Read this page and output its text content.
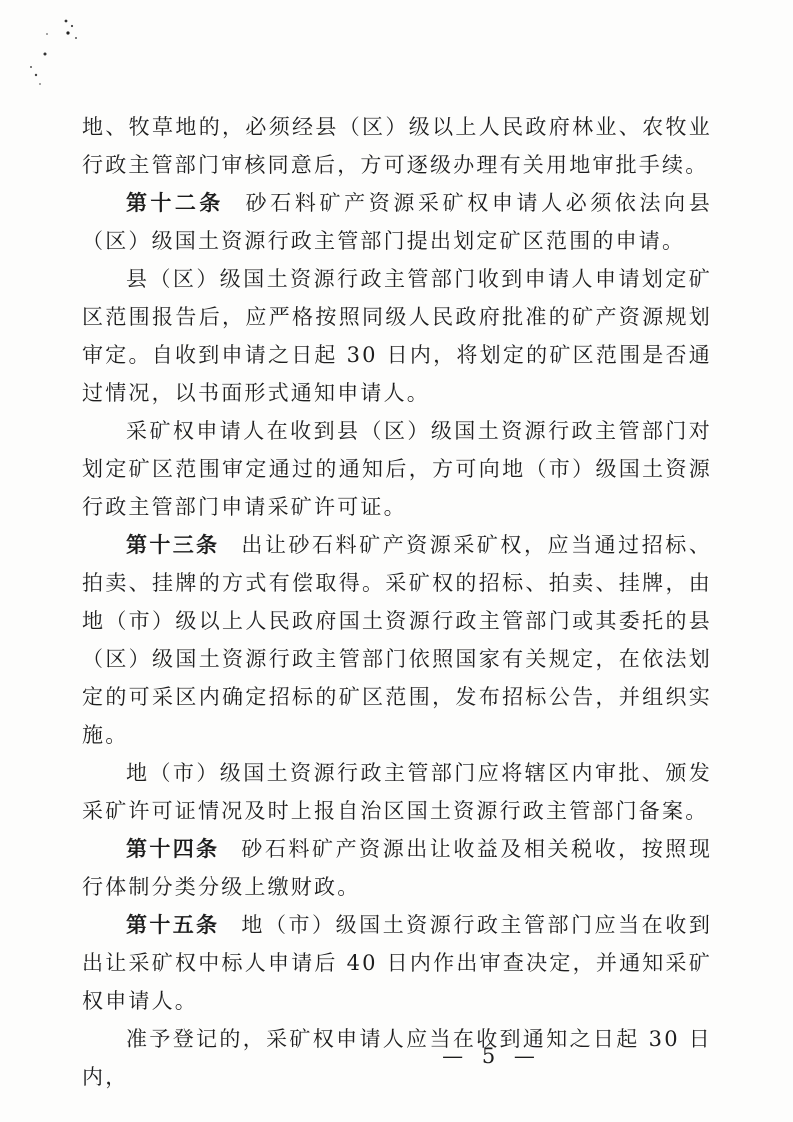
地、牧草地的，必须经县（区）级以上人民政府林业、农牧业行政主管部门审核同意后，方可逐级办理有关用地审批手续。

第十二条 砂石料矿产资源采矿权申请人必须依法向县（区）级国土资源行政主管部门提出划定矿区范围的申请。

县（区）级国土资源行政主管部门收到申请人申请划定矿区范围报告后，应严格按照同级人民政府批准的矿产资源规划审定。自收到申请之日起 30 日内，将划定的矿区范围是否通过情况，以书面形式通知申请人。

采矿权申请人在收到县（区）级国土资源行政主管部门对划定矿区范围审定通过的通知后，方可向地（市）级国土资源行政主管部门申请采矿许可证。

第十三条 出让砂石料矿产资源采矿权，应当通过招标、拍卖、挂牌的方式有偿取得。采矿权的招标、拍卖、挂牌，由地（市）级以上人民政府国土资源行政主管部门或其委托的县（区）级国土资源行政主管部门依照国家有关规定，在依法划定的可采区内确定招标的矿区范围，发布招标公告，并组织实施。

地（市）级国土资源行政主管部门应将辖区内审批、颁发采矿许可证情况及时上报自治区国土资源行政主管部门备案。

第十四条 砂石料矿产资源出让收益及相关税收，按照现行体制分类分级上缴财政。

第十五条 地（市）级国土资源行政主管部门应当在收到出让采矿权中标人申请后 40 日内作出审查决定，并通知采矿权申请人。

准予登记的，采矿权申请人应当在收到通知之日起 30 日内，

— 5 —
